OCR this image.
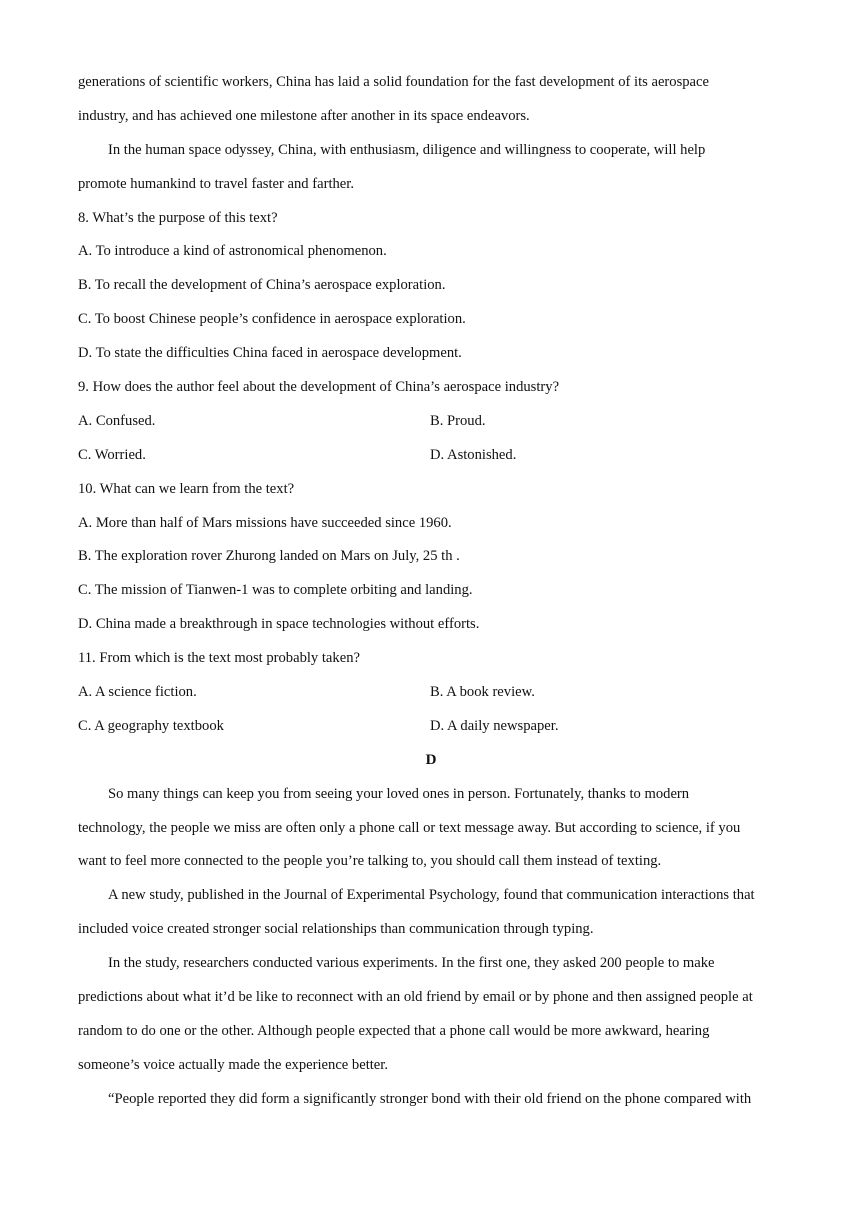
generations of scientific workers, China has laid a solid foundation for the fast development of its aerospace
industry, and has achieved one milestone after another in its space endeavors.
In the human space odyssey, China, with enthusiasm, diligence and willingness to cooperate, will help
promote humankind to travel faster and farther.
8. What’s the purpose of this text?
A. To introduce a kind of astronomical phenomenon.
B. To recall the development of China’s aerospace exploration.
C. To boost Chinese people’s confidence in aerospace exploration.
D. To state the difficulties China faced in aerospace development.
9. How does the author feel about the development of China’s aerospace industry?
A. Confused.	B. Proud.
C. Worried.	D. Astonished.
10. What can we learn from the text?
A. More than half of Mars missions have succeeded since 1960.
B. The exploration rover Zhurong landed on Mars on July, 25 th .
C. The mission of Tianwen-1 was to complete orbiting and landing.
D. China made a breakthrough in space technologies without efforts.
11. From which is the text most probably taken?
A. A science fiction.	B. A book review.
C. A geography textbook	D. A daily newspaper.
D
So many things can keep you from seeing your loved ones in person. Fortunately, thanks to modern
technology, the people we miss are often only a phone call or text message away. But according to science, if you
want to feel more connected to the people you’re talking to, you should call them instead of texting.
A new study, published in the Journal of Experimental Psychology, found that communication interactions that
included voice created stronger social relationships than communication through typing.
In the study, researchers conducted various experiments. In the first one, they asked 200 people to make
predictions about what it’d be like to reconnect with an old friend by email or by phone and then assigned people at
random to do one or the other. Although people expected that a phone call would be more awkward, hearing
someone’s voice actually made the experience better.
“People reported they did form a significantly stronger bond with their old friend on the phone compared with
